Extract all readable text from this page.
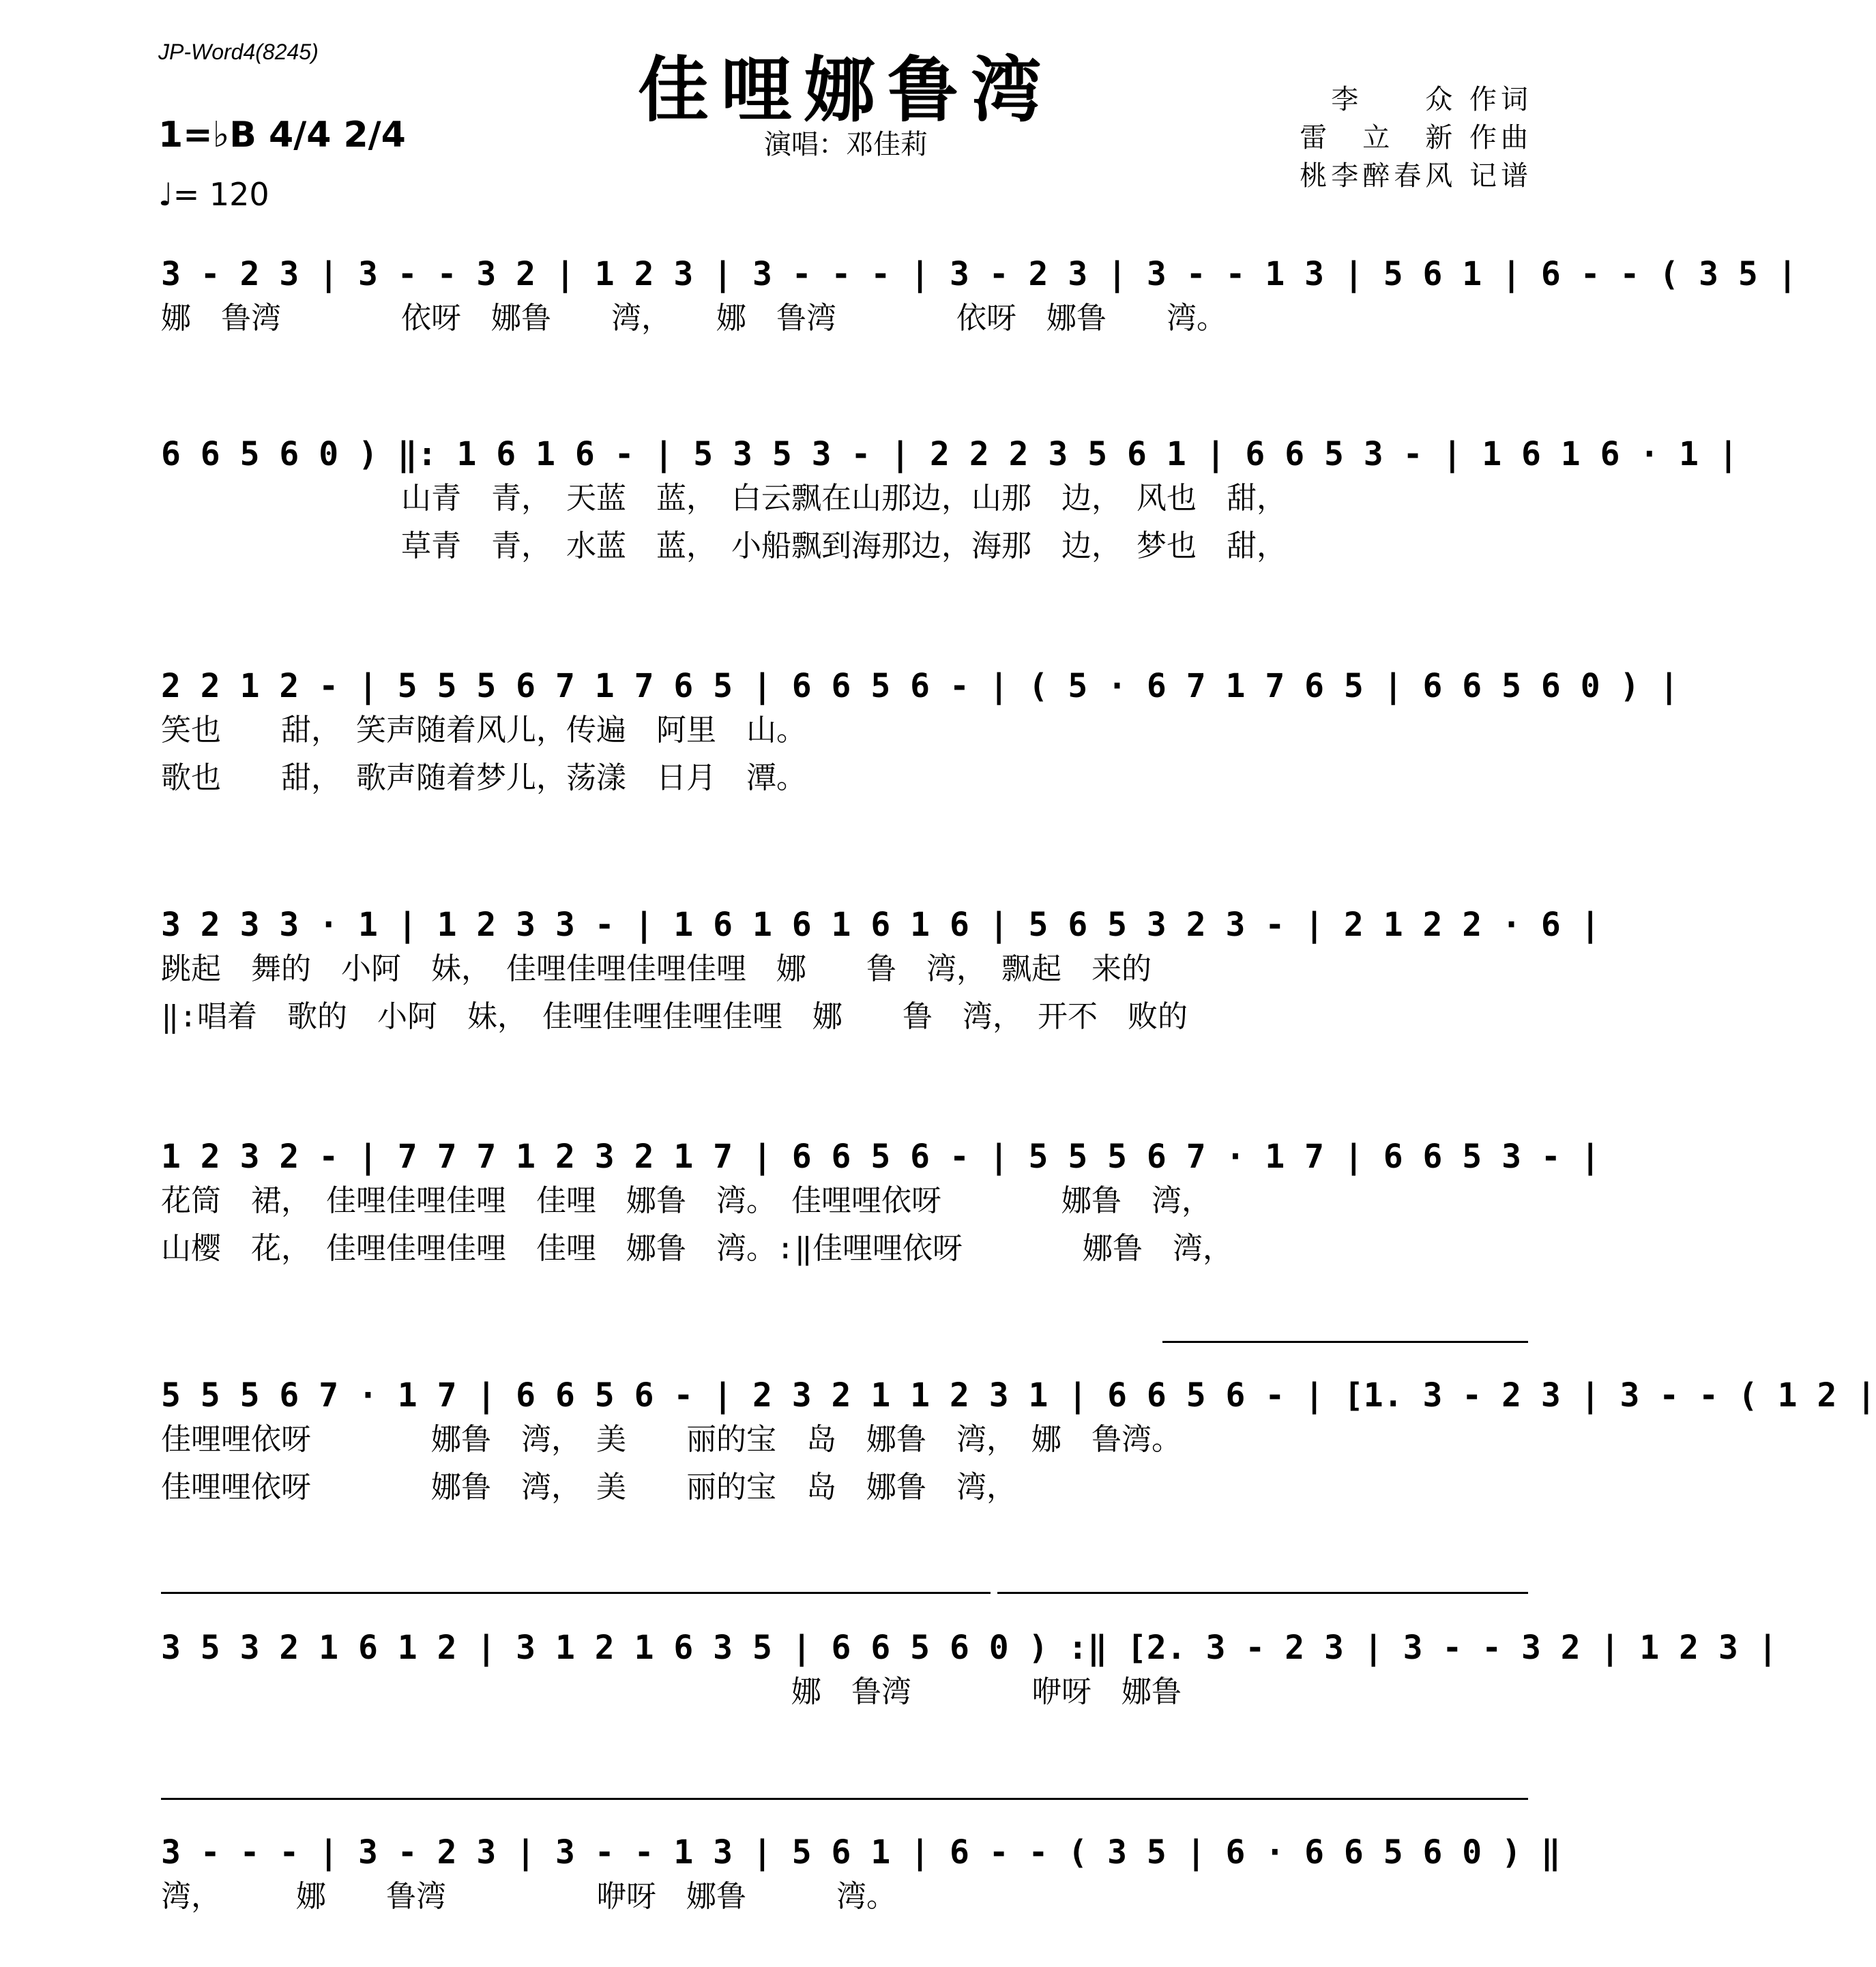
JP-Word4(8245)	佳哩娜鲁湾
演唱：邓佳莉
李　　众 作词
雷　立　新 作曲
桃李醉春风 记谱
1=♭B 4/4 2/4
♩= 120
3 - 2 3 | 3 - - 3 2 | 1 2 3 | 3 - - - | 3 - 2 3 | 3 - - 1 3 | 5 6 1 | 6 - - ( 3 5 |
娜　鲁湾　　　　依呀　娜鲁　　湾，　　娜　鲁湾　　　　依呀　娜鲁　　湾。
6 6 5 6 0 ) ‖: 1 6 1 6 - | 5 3 5 3 - | 2 2 2 3 5 6 1 | 6 6 5 3 - | 1 6 1 6 · 1 |
　　　　　　　　山青　青，　天蓝　蓝，　白云飘在山那边，山那　边，　风也　甜，
　　　　　　　　草青　青，　水蓝　蓝，　小船飘到海那边，海那　边，　梦也　甜，
2 2 1 2 - | 5 5 5 6 7 1 7 6 5 | 6 6 5 6 - | ( 5 · 6 7 1 7 6 5 | 6 6 5 6 0 ) |
笑也　　甜，　笑声随着风儿，传遍　阿里　山。
歌也　　甜，　歌声随着梦儿，荡漾　日月　潭。
3 2 3 3 · 1 | 1 2 3 3 - | 1 6 1 6 1 6 1 6 | 5 6 5 3 2 3 - | 2 1 2 2 · 6 |
跳起　舞的　小阿　妹，　佳哩佳哩佳哩佳哩　娜　　鲁　湾，　飘起　来的
‖:唱着　歌的　小阿　妹，　佳哩佳哩佳哩佳哩　娜　　鲁　湾，　开不　败的
1 2 3 2 - | 7 7 7 1 2 3 2 1 7 | 6 6 5 6 - | 5 5 5 6 7 · 1 7 | 6 6 5 3 - |
花筒　裙，　佳哩佳哩佳哩　佳哩　娜鲁　湾。　佳哩哩依呀　　　　娜鲁　湾，
山樱　花，　佳哩佳哩佳哩　佳哩　娜鲁　湾。:‖佳哩哩依呀　　　　娜鲁　湾，
5 5 5 6 7 · 1 7 | 6 6 5 6 - | 2 3 2 1 1 2 3 1 | 6 6 5 6 - | [1. 3 - 2 3 | 3 - - ( 1 2 |
佳哩哩依呀　　　　娜鲁　湾，　美　　丽的宝　岛　娜鲁　湾，　娜　鲁湾。
佳哩哩依呀　　　　娜鲁　湾，　美　　丽的宝　岛　娜鲁　湾，
3 5 3 2 1 6 1 2 | 3 1 2 1 6 3 5 | 6 6 5 6 0 ) :‖ [2. 3 - 2 3 | 3 - - 3 2 | 1 2 3 |
　　　　　　　　　　　　　　　　　　　　　娜　鲁湾　　　　咿呀　娜鲁
3 - - - | 3 - 2 3 | 3 - - 1 3 | 5 6 1 | 6 - - ( 3 5 | 6 · 6 6 5 6 0 ) ‖
湾，　　　娜　　鲁湾　　　　　咿呀　娜鲁　　　湾。
